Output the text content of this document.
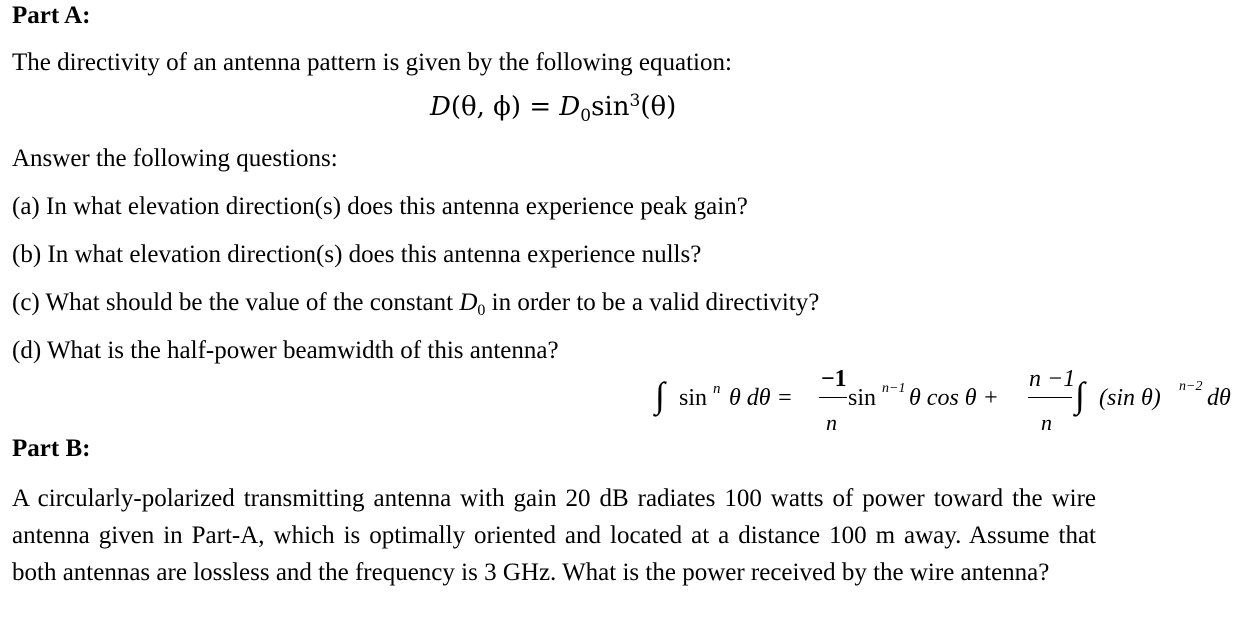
Part A:
The directivity of an antenna pattern is given by the following equation:
D(θ, $\phi) = D_0\sin^3(\theta)$
Answer the following questions:
(a) In what elevation direction(s) does this antenna experience peak gain?
(b) In what elevation direction(s) does this antenna experience nulls?
(c) What should be the value of the constant $D_0$ in order to be a valid directivity?
(d) What is the half-power beamwidth of this antenna?
∫ sin n θ dθ =
−1
n
sin n−1 θ cos θ +
n −1
n
∫ (sin θ) n−2 dθ
Part B:
A circularly-polarized transmitting antenna with gain 20 dB radiates 100 watts of power toward the wire antenna given in Part-A, which is optimally oriented and located at a distance 100 m away. Assume that both antennas are lossless and the frequency is 3 GHz. What is the power received by the wire antenna?
